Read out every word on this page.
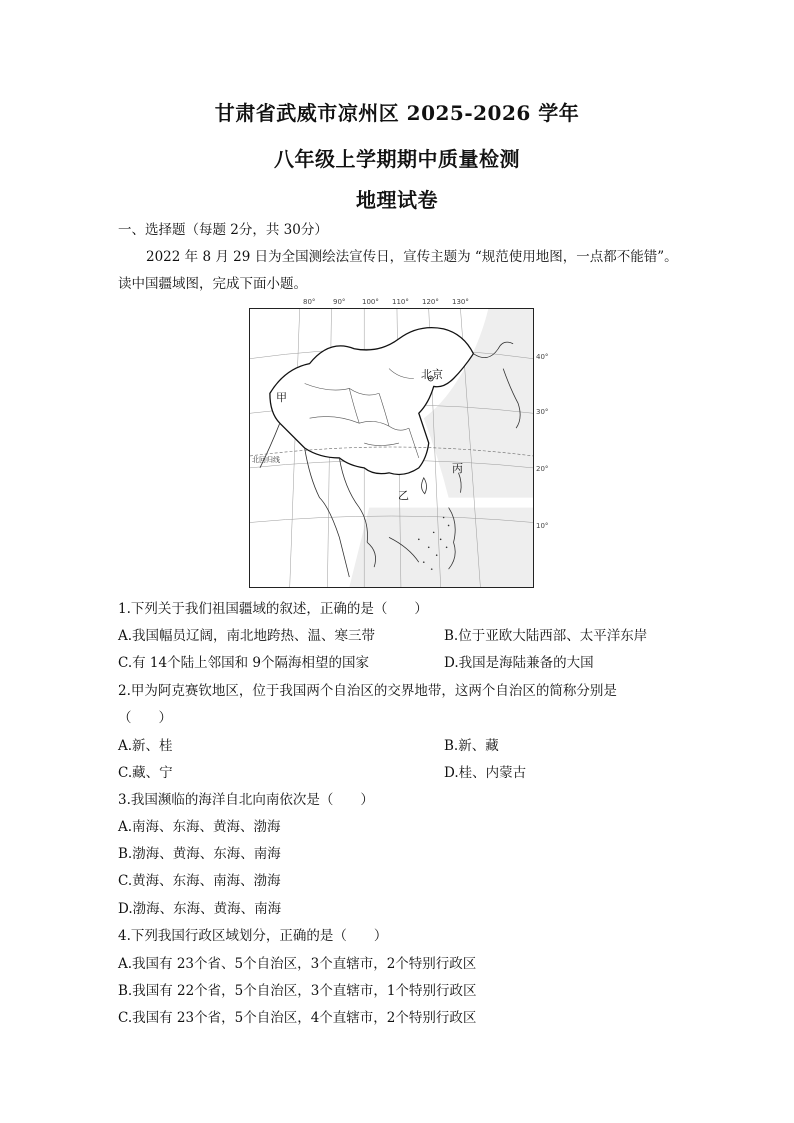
甘肃省武威市凉州区 2025-2026 学年
八年级上学期期中质量检测
地理试卷
一、选择题（每题 2分，共 30分）
2022 年 8 月 29 日为全国测绘法宣传日，宣传主题为 “规范使用地图，一点都不能错”。
读中国疆域图，完成下面小题。
80°	90° 100° 110° 120° 130°
40°
30°
20°
10°
北京
甲
乙
丙
北回归线
1.下列关于我们祖国疆域的叙述，正确的是（　　）
A.我国幅员辽阔，南北地跨热、温、寒三带	B.位于亚欧大陆西部、太平洋东岸
C.有 14个陆上邻国和 9个隔海相望的国家	D.我国是海陆兼备的大国
2.甲为阿克赛钦地区，位于我国两个自治区的交界地带，这两个自治区的简称分别是
（　　）
A.新、桂	B.新、藏
C.藏、宁	D.桂、内蒙古
3.我国濒临的海洋自北向南依次是（　　）
A.南海、东海、黄海、渤海
B.渤海、黄海、东海、南海
C.黄海、东海、南海、渤海
D.渤海、东海、黄海、南海
4.下列我国行政区域划分，正确的是（　　）
A.我国有 23个省、5个自治区，3个直辖市，2个特别行政区
B.我国有 22个省，5个自治区，3个直辖市，1个特别行政区
C.我国有 23个省，5个自治区，4个直辖市，2个特别行政区
